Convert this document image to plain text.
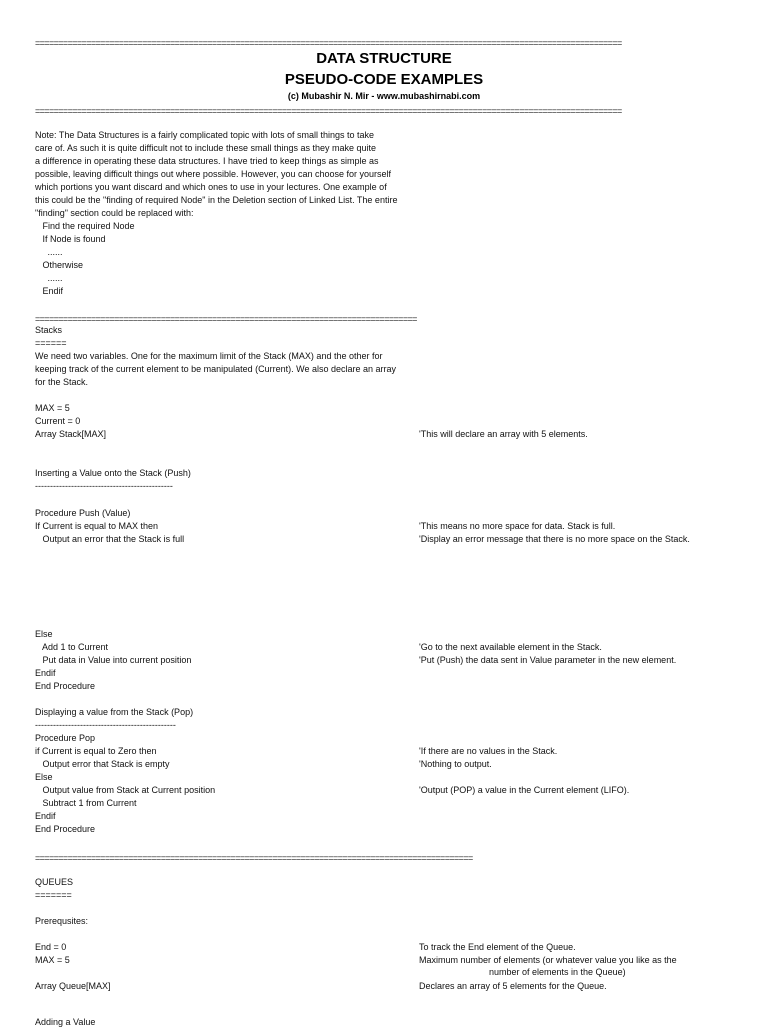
==============================================================================================================================
DATA STRUCTURE
PSEUDO-CODE EXAMPLES
(c) Mubashir N. Mir - www.mubashirnabi.com
==============================================================================================================================
Note: The Data Structures is a fairly complicated topic with lots of small things to take
care of. As such it is quite difficult not to include these small things as they make quite
a difference in operating these data structures. I have tried to keep things as simple as
possible, leaving difficult things out where possible. However, you can choose for yourself
which portions you want discard and which ones to use in your lectures. One example of
this could be the "finding of required Node" in the Deletion section of Linked List. The entire
"finding" section could be replaced with:
Find the required Node
If Node is found
......
Otherwise
......
Endif
==================================================================================
Stacks
======
We need two variables. One for the maximum limit of the Stack (MAX) and the other for
keeping track of the current element to be manipulated (Current). We also declare an array
for the Stack.
MAX = 5
Current = 0
Array Stack[MAX]	'This will declare an array with 5 elements.
Inserting a Value onto the Stack (Push)
----------------------------------------------
Procedure Push (Value)
If Current is equal to MAX then
Output an error that the Stack is full
'This means no more space for data. Stack is full.
'Display an error message that there is no more space on the Stack.
Else
Add 1 to Current
Put data in Value into current position
Endif
End Procedure
'Go to the next available element in the Stack.
'Put (Push) the data sent in Value parameter in the new element.
Displaying a value from the Stack (Pop)
-----------------------------------------------
Procedure Pop
if Current is equal to Zero then
Output error that Stack is empty
Else
Output value from Stack at Current position
Subtract 1 from Current
Endif
End Procedure
'If there are no values in the Stack.
'Nothing to output.
'Output (POP) a value in the Current element (LIFO).
==============================================================================================
QUEUES
=======
Prerequsites:
End = 0
MAX = 5
Array Queue[MAX]
To track the End element of the Queue.
Maximum number of elements (or whatever value you like as the
number of elements in the Queue)
Declares an array of 5 elements for the Queue.
Adding a Value
